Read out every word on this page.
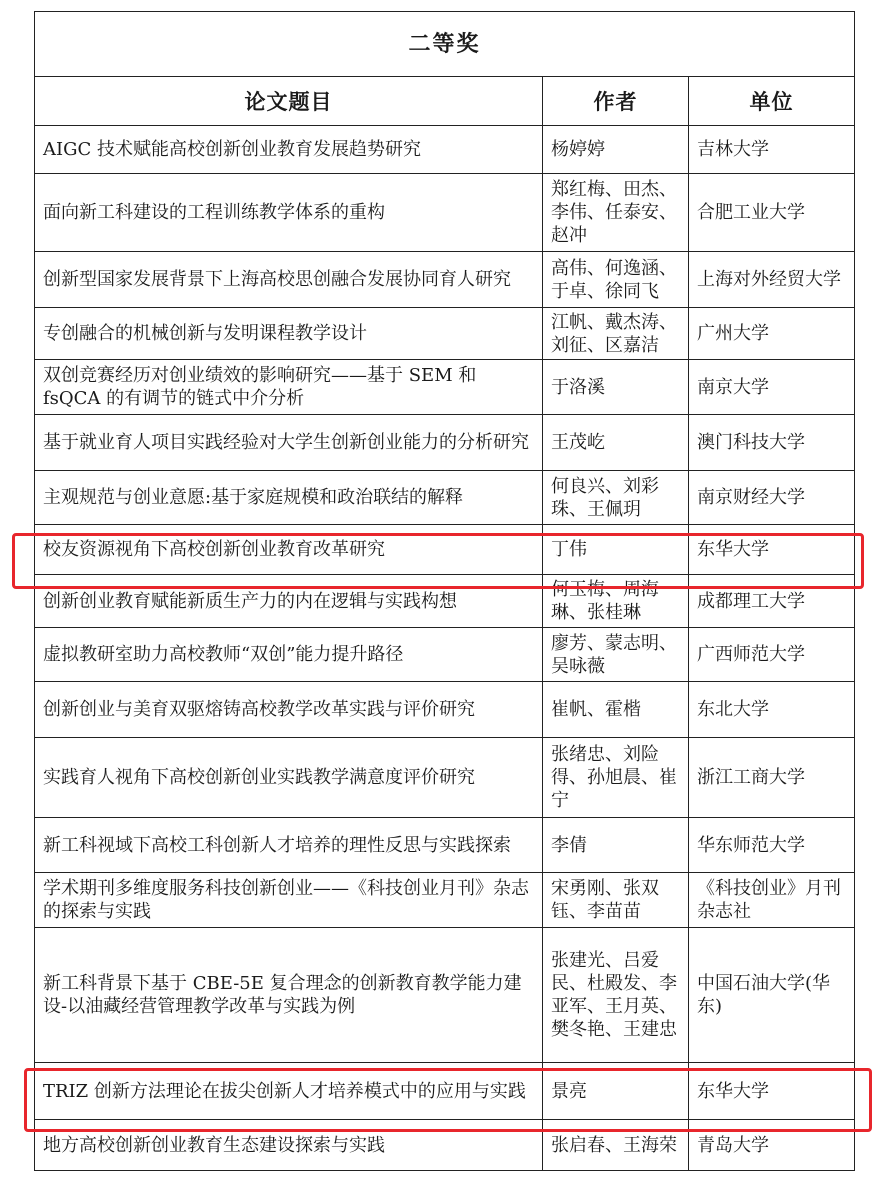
二等奖		
论文题目	作者	单位
AIGC 技术赋能高校创新创业教育发展趋势研究	杨婷婷	吉林大学
面向新工科建设的工程训练教学体系的重构	郑红梅、田杰、李伟、任泰安、赵冲	合肥工业大学
创新型国家发展背景下上海高校思创融合发展协同育人研究	高伟、何逸涵、于卓、徐同飞	上海对外经贸大学
专创融合的机械创新与发明课程教学设计	江帆、戴杰涛、刘征、区嘉洁	广州大学
双创竞赛经历对创业绩效的影响研究——基于 SEM 和 fsQCA 的有调节的链式中介分析	于洛溪	南京大学
基于就业育人项目实践经验对大学生创新创业能力的分析研究	王茂屹	澳门科技大学
主观规范与创业意愿:基于家庭规模和政治联结的解释	何良兴、刘彩珠、王佩玥	南京财经大学
校友资源视角下高校创新创业教育改革研究	丁伟	东华大学
创新创业教育赋能新质生产力的内在逻辑与实践构想	何玉梅、周海琳、张桂琳	成都理工大学
虚拟教研室助力高校教师“双创”能力提升路径	廖芳、蒙志明、吴咏薇	广西师范大学
创新创业与美育双驱熔铸高校教学改革实践与评价研究	崔帆、霍楷	东北大学
实践育人视角下高校创新创业实践教学满意度评价研究	张绪忠、刘险得、孙旭晨、崔宁	浙江工商大学
新工科视域下高校工科创新人才培养的理性反思与实践探索	李倩	华东师范大学
学术期刊多维度服务科技创新创业——《科技创业月刊》杂志的探索与实践	宋勇刚、张双钰、李苗苗	《科技创业》月刊杂志社
新工科背景下基于 CBE-5E 复合理念的创新教育教学能力建设-以油藏经营管理教学改革与实践为例	张建光、吕爱民、杜殿发、李亚军、王月英、樊冬艳、王建忠	中国石油大学(华东)
TRIZ 创新方法理论在拔尖创新人才培养模式中的应用与实践	景亮	东华大学
地方高校创新创业教育生态建设探索与实践	张启春、王海荣	青岛大学
